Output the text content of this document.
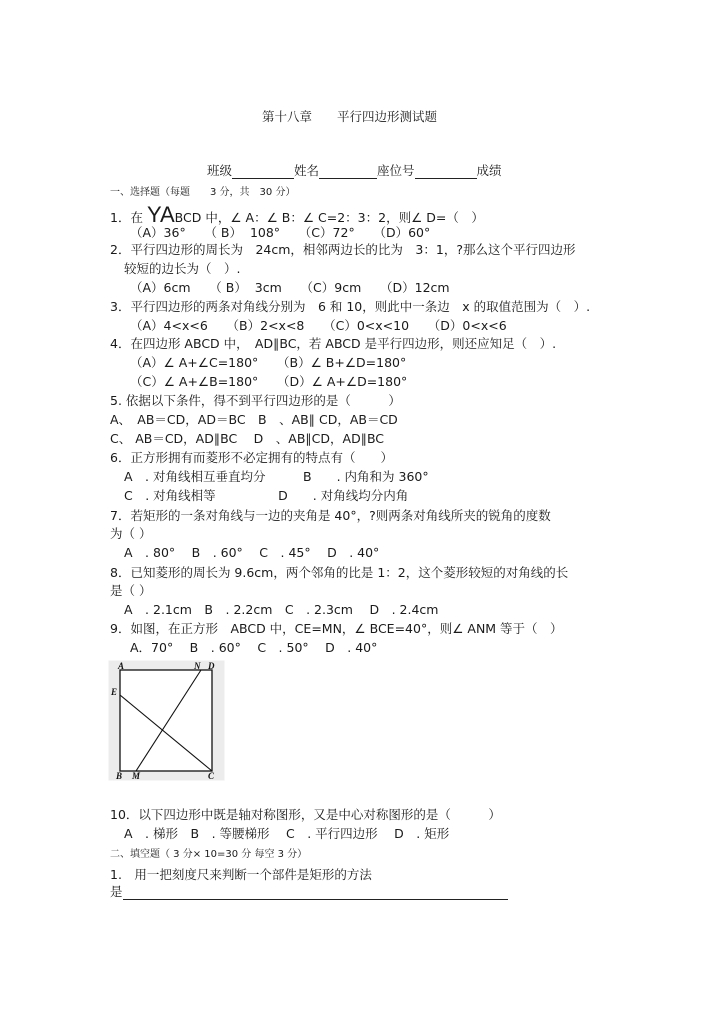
第十八章　　平行四边形测试题

班级	姓名	座位号	成绩

一、选择题（每题　　3 分，共　30 分）
1．在 YABCD 中，∠ A：∠ B：∠ C=2：3：2，则∠ D=（　）
（A）36°　　（ B）  108°　　（C）72°　　（D）60°
2．平行四边形的周长为　24cm，相邻两边长的比为　3：1，?那么这个平行四边形
较短的边长为（　）.
（A）6cm　　（ B）  3cm　　（C）9cm　　（D）12cm
3．平行四边形的两条对角线分别为　6 和 10，则此中一条边　x 的取值范围为（　）.
（A）4<x<6　　（B）2<x<8　　（C）0<x<10　　（D）0<x<6
4．在四边形 ABCD 中，　AD∥BC，若 ABCD 是平行四边形，则还应知足（　）.
（A）∠ A+∠C=180°　　（B）∠ B+∠D=180°
（C）∠ A+∠B=180°　　（D）∠ A+∠D=180°
5. 依据以下条件，得不到平行四边形的是（　　　）
A、　AB＝CD，AD＝BC　B　、AB∥ CD，AB＝CD
C、 AB＝CD，AD∥BC　 D　、AB∥CD，AD∥BC
6．正方形拥有而菱形不必定拥有的特点有（　　）
A　. 对角线相互垂直均分　　　B　　. 内角和为 360°
C　. 对角线相等　　　　　D　　. 对角线均分内角
7．若矩形的一条对角线与一边的夹角是 40°，?则两条对角线所夹的锐角的度数
为（ ）
A　. 80°　 B　. 60°　 C　. 45°　 D　. 40°
8．已知菱形的周长为 9.6cm，两个邻角的比是 1：2，这个菱形较短的对角线的长
是（ ）
A　. 2.1cm　B　. 2.2cm　C　. 2.3cm　 D　. 2.4cm
9．如图，在正方形　ABCD 中，CE=MN，∠ BCE=40°，则∠ ANM 等于（　）
A．70°　 B　. 60°　 C　. 50°　 D　. 40°
A	N D
E
B M	C
10．以下四边形中既是轴对称图形，又是中心对称图形的是（　　　）
A　. 梯形　B　. 等腰梯形　 C　. 平行四边形　 D　. 矩形
二、填空题（ 3 分× 10=30 分 每空 3 分）
1.　用一把刻度尺来判断一个部件是矩形的方法
是
